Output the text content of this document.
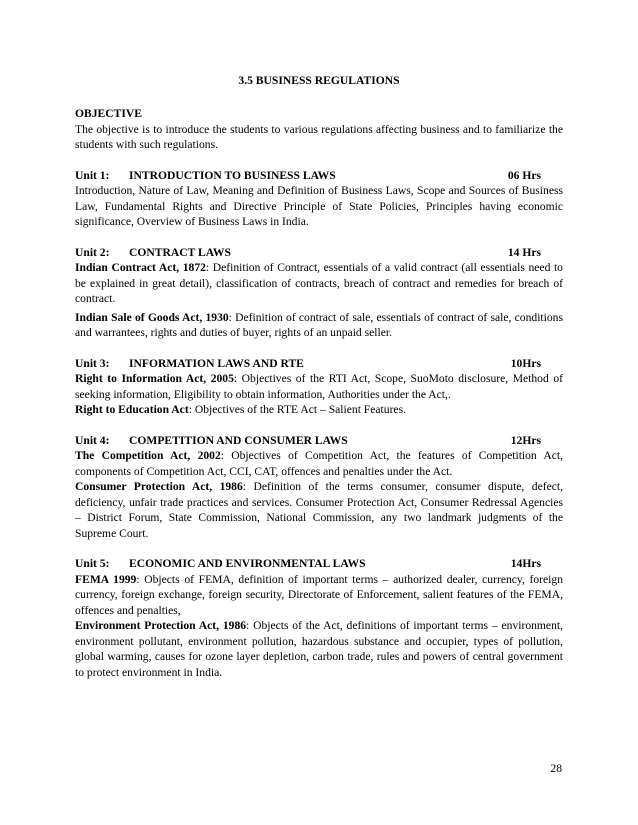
3.5 BUSINESS REGULATIONS
OBJECTIVE

The objective is to introduce the students to various regulations affecting business and to familiarize the students with such regulations.

Unit 1:	INTRODUCTION TO BUSINESS LAWS	06 Hrs

Introduction, Nature of Law, Meaning and Definition of Business Laws, Scope and Sources of Business Law, Fundamental Rights and Directive Principle of State Policies, Principles having economic significance, Overview of Business Laws in India.

Unit 2:	CONTRACT LAWS	14 Hrs

Indian Contract Act, 1872: Definition of Contract, essentials of a valid contract (all essentials need to be explained in great detail), classification of contracts, breach of contract and remedies for breach of contract.

Indian Sale of Goods Act, 1930: Definition of contract of sale, essentials of contract of sale, conditions and warrantees, rights and duties of buyer, rights of an unpaid seller.

Unit 3:	INFORMATION LAWS AND RTE	10Hrs

Right to Information Act, 2005: Objectives of the RTI Act, Scope, SuoMoto disclosure, Method of seeking information, Eligibility to obtain information, Authorities under the Act,.

Right to Education Act: Objectives of the RTE Act – Salient Features.

Unit 4:	COMPETITION AND CONSUMER LAWS	12Hrs

The Competition Act, 2002: Objectives of Competition Act, the features of Competition Act, components of Competition Act, CCI, CAT, offences and penalties under the Act.

Consumer Protection Act, 1986: Definition of the terms consumer, consumer dispute, defect, deficiency, unfair trade practices and services. Consumer Protection Act, Consumer Redressal Agencies – District Forum, State Commission, National Commission, any two landmark judgments of the Supreme Court.

Unit 5:	ECONOMIC AND ENVIRONMENTAL LAWS	14Hrs

FEMA 1999: Objects of FEMA, definition of important terms – authorized dealer, currency, foreign currency, foreign exchange, foreign security, Directorate of Enforcement, salient features of the FEMA, offences and penalties,

Environment Protection Act, 1986: Objects of the Act, definitions of important terms – environment, environment pollutant, environment pollution, hazardous substance and occupier, types of pollution, global warming, causes for ozone layer depletion, carbon trade, rules and powers of central government to protect environment in India.

28
